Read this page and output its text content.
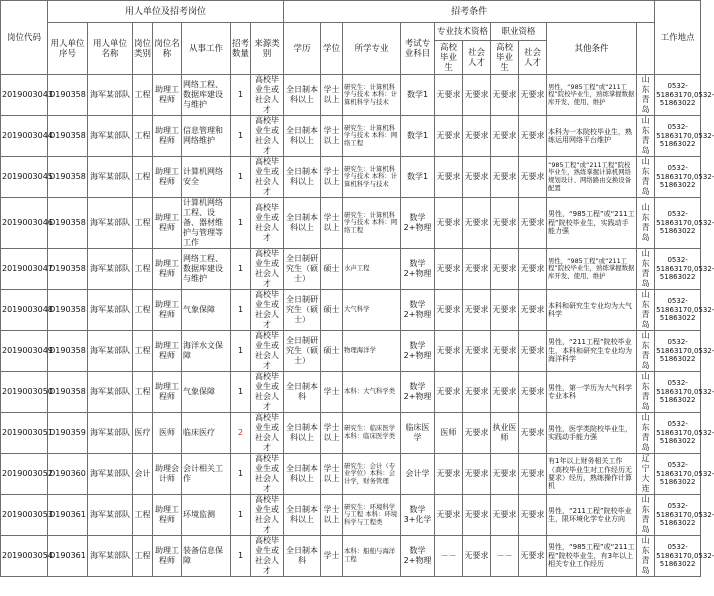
岗位代码	用人单位及招考岗位							招考条件										工作地点	
	用人单位序号	用人单位名称	岗位类别	岗位名称	从事工作	招考数量	来源类别	学历	学位	所学专业	考试专业科目	专业技术资格		职业资格		其他条件			
												高校毕业生	社会人才	高校毕业生	社会人才				
2019003043	D190358	海军某部队	工程	助理工程师	网络工程、数据库建设与维护	1	高校毕业生或社会人才	全日制本科以上	学士以上	研究生：计算机科学与技术 本科：计算机科学与技术	数学1	无要求	无要求	无要求	无要求	男性，“985工程”或“211工程”院校毕业生，熟练掌握数据库开发、使用、维护	山东青岛	0532-51863170,0532-51863022	
2019003044	D190358	海军某部队	工程	助理工程师	信息管理和网络维护	1	高校毕业生或社会人才	全日制本科以上	学士以上	研究生：计算机科学与技术 本科：网络工程	数学1	无要求	无要求	无要求	无要求	本科为一本院校毕业生，熟练运用网络平台维护	山东青岛	0532-51863170,0532-51863022	
2019003045	D190358	海军某部队	工程	助理工程师	计算机网络安全	1	高校毕业生或社会人才	全日制本科以上	学士以上	研究生：计算机科学与技术 本科：计算机科学与技术	数学1	无要求	无要求	无要求	无要求	“985工程”或“211工程”院校毕业生，熟练掌握计算机网络规划设计、网络路由交换设备配置	山东青岛	0532-51863170,0532-51863022	
2019003046	D190358	海军某部队	工程	助理工程师	计算机网络工程、设备、器材维护与管理等工作	1	高校毕业生或社会人才	全日制本科以上	学士以上	研究生：计算机科学与技术 本科：网络工程	数学2+物理	无要求	无要求	无要求	无要求	男性，“985工程”或“211工程”院校毕业生，实践动手能力强	山东青岛	0532-51863170,0532-51863022	
2019003047	D190358	海军某部队	工程	助理工程师	网络工程、数据库建设与维护	1	高校毕业生或社会人才	全日制研究生（硕士）	硕士	水声工程	数学2+物理	无要求	无要求	无要求	无要求	男性，“985工程”或“211工程”院校毕业生，熟练掌握数据库开发、使用、维护	山东青岛	0532-51863170,0532-51863022	
2019003048	D190358	海军某部队	工程	助理工程师	气象保障	1	高校毕业生或社会人才	全日制研究生（硕士）	硕士	大气科学	数学2+物理	无要求	无要求	无要求	无要求	本科和研究生专业均为大气科学	山东青岛	0532-51863170,0532-51863022	
2019003049	D190358	海军某部队	工程	助理工程师	海洋水文保障	1	高校毕业生或社会人才	全日制研究生（硕士）	硕士	物理海洋学	数学2+物理	无要求	无要求	无要求	无要求	男性，“211工程”院校毕业生，本科和研究生专业均为海洋科学	山东青岛	0532-51863170,0532-51863022	
2019003050	D190358	海军某部队	工程	助理工程师	气象保障	1	高校毕业生或社会人才	全日制本科	学士	本科：大气科学类	数学2+物理	无要求	无要求	无要求	无要求	男性，第一学历为大气科学专业本科	山东青岛	0532-51863170,0532-51863022	
2019003051	D190359	海军某部队	医疗	医师	临床医疗	2	高校毕业生或社会人才	全日制本科以上	学士以上	研究生：临床医学 本科：临床医学类	临床医学	医师	无要求	执业医师	无要求	男性，医学类院校毕业生，实践动手能力强	山东青岛	0532-51863170,0532-51863022	
2019003052	D190360	海军某部队	会计	助理会计师	会计相关工作	1	高校毕业生或社会人才	全日制本科以上	学士以上	研究生：会计（专业学位）本科：会计学，财务管理	会计学	无要求	无要求	无要求	无要求	有1年以上财务相关工作（高校毕业生对工作经历无要求）经历，熟练操作计算机	辽宁大连	0532-51863170,0532-51863022	
2019003053	D190361	海军某部队	工程	助理工程师	环境监测	1	高校毕业生或社会人才	全日制本科以上	学士以上	研究生：环境科学与工程 本科：环境科学与工程类	数学3+化学	无要求	无要求	无要求	无要求	男性，“211工程”院校毕业生，限环境化学专业方向	山东青岛	0532-51863170,0532-51863022	
2019003054	D190361	海军某部队	工程	助理工程师	装备信息保障	1	高校毕业生或社会人才	全日制本科	学士	本科：船舶与海洋工程	数学2+物理	－－	无要求	－－	无要求	男性，“985工程”或“211工程”院校毕业生，有3年以上相关专业工作经历	山东青岛	0532-51863170,0532-51863022	
